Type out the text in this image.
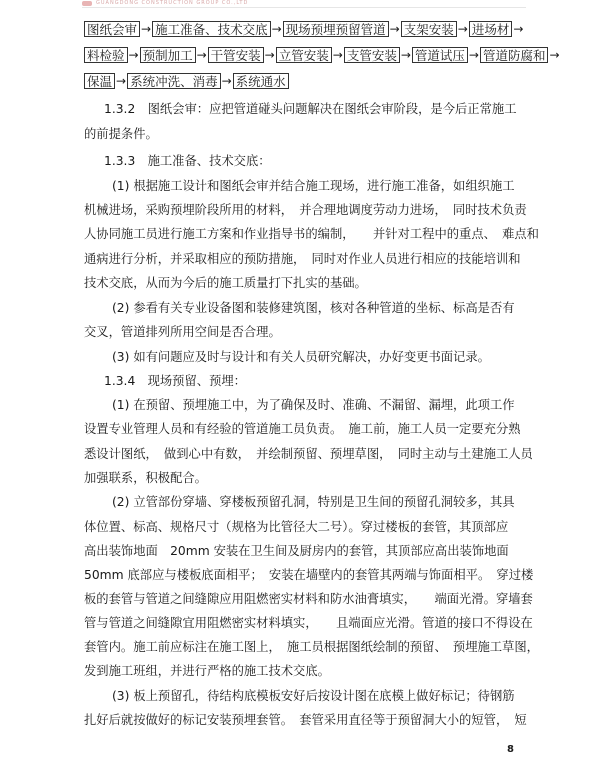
GUANGDONG CONSTRUCTION GROUP CO.,LTD
图纸会审 → 施工准备、技术交底 → 现场预埋预留管道 → 支架安装 → 进场材 →
料检验 → 预制加工 → 干管安装 → 立管安装 → 支管安装 → 管道试压 → 管道防腐和 →
保温 → 系统冲洗、消毒 → 系统通水
1.3.2　图纸会审：应把管道碰头问题解决在图纸会审阶段，是今后正常施工
的前提条件。
1.3.3　施工准备、技术交底：
(1) 根据施工设计和图纸会审并结合施工现场，进行施工准备，如组织施工
机械进场，采购预埋阶段所用的材料，　并合理地调度劳动力进场，　同时技术负责
人协同施工员进行施工方案和作业指导书的编制，　　并针对工程中的重点、　难点和
通病进行分析，并采取相应的预防措施，　同时对作业人员进行相应的技能培训和
技术交底，从而为今后的施工质量打下扎实的基础。
(2) 参看有关专业设备图和装修建筑图，核对各种管道的坐标、标高是否有
交叉，管道排列所用空间是否合理。
(3) 如有问题应及时与设计和有关人员研究解决，办好变更书面记录。
1.3.4　现场预留、预埋：
(1) 在预留、预埋施工中，为了确保及时、准确、不漏留、漏埋，此项工作
设置专业管理人员和有经验的管道施工员负责。　施工前，施工人员一定要充分熟
悉设计图纸，　做到心中有数，　并绘制预留、预埋草图，　同时主动与土建施工人员
加强联系，积极配合。
(2) 立管部份穿墙、穿楼板预留孔洞，特别是卫生间的预留孔洞较多，其具
体位置、标高、规格尺寸（规格为比管径大二号）。穿过楼板的套管，其顶部应
高出装饰地面　20mm 安装在卫生间及厨房内的套管，其顶部应高出装饰地面
50mm 底部应与楼板底面相平；　安装在墙壁内的套管其两端与饰面相平。　穿过楼
板的套管与管道之间缝隙应用阻燃密实材料和防水油膏填实，　　端面光滑。穿墙套
管与管道之间缝隙宜用阻燃密实材料填实，　　且端面应光滑。管道的接口不得设在
套管内。施工前应标注在施工图上，　施工员根据图纸绘制的预留、　预埋施工草图，
发到施工班组，并进行严格的施工技术交底。
(3) 板上预留孔，待结构底模板安好后按设计图在底模上做好标记；待钢筋
扎好后就按做好的标记安装预埋套管。　套管采用直径等于预留洞大小的短管，　短
8
